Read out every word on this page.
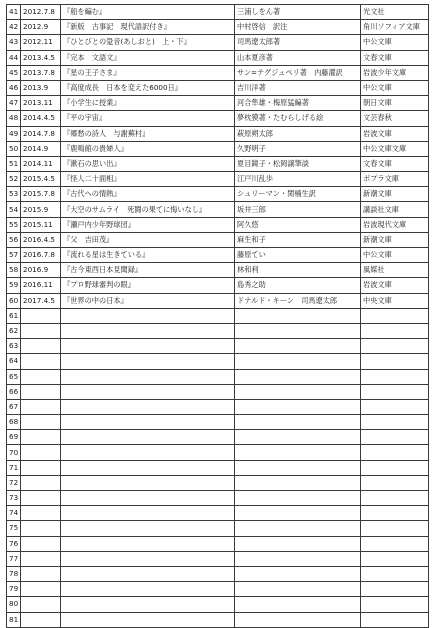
41	2012.7.8	『船を編む』	三浦しをん著	光文社
42	2012.9	『新版　古事記　現代語訳付き』	中村啓信　訳注	角川ソフィア文庫
43	2012.11	『ひとびとの跫音(あしおと)　上・下』	司馬遼太郎著	中公文庫
44	2013.4.5	『完本　文語文』	山本夏彦著	文春文庫
45	2013.7.8	『星の王子さま』	サン=テグジュペリ著　内藤濯訳	岩波少年文庫
46	2013.9	『高度成長　日本を変えた6000日』	吉川洋著	中公文庫
47	2013.11	『小学生に授業』	河合隼雄・梅原猛編著	朝日文庫
48	2014.4.5	『平の宇宙』	夢枕獏著・たむらしげる絵	文芸春秋
49	2014.7.8	『郷愁の詩人　与謝蕪村』	萩原朔太郎	岩波文庫
50	2014.9	『鹿鳴館の貴婦人』	久野明子	中公文庫文庫
51	2014.11	『漱石の思い出』	夏目鏡子・松岡譲筆談	文春文庫
52	2015.4.5	『怪人二十面相』	江戸川乱歩	ポプラ文庫
53	2015.7.8	『古代への情熱』	シュリーマン・関楠生訳	新潮文庫
54	2015.9	『大空のサムライ　死闘の果てに悔いなし』	坂井三郎	講談社文庫
55	2015.11	『瀬戸内少年野球団』	阿久悠	岩波現代文庫
56	2016.4.5	『父　吉田茂』	麻生和子	新潮文庫
57	2016.7.8	『流れる星は生きている』	藤原てい	中公文庫
58	2016.9	『古今東西日本見聞録』	林和利	風媒社
59	2016.11	『プロ野球審判の眼』	島秀之助	岩波文庫
60	2017.4.5	『世界の中の日本』	ドナルド・キーン　司馬遼太郎	中央文庫
61				
62				
63				
64				
65				
66				
67				
68				
69				
70				
71				
72				
73				
74				
75				
76				
77				
78				
79				
80				
81				
